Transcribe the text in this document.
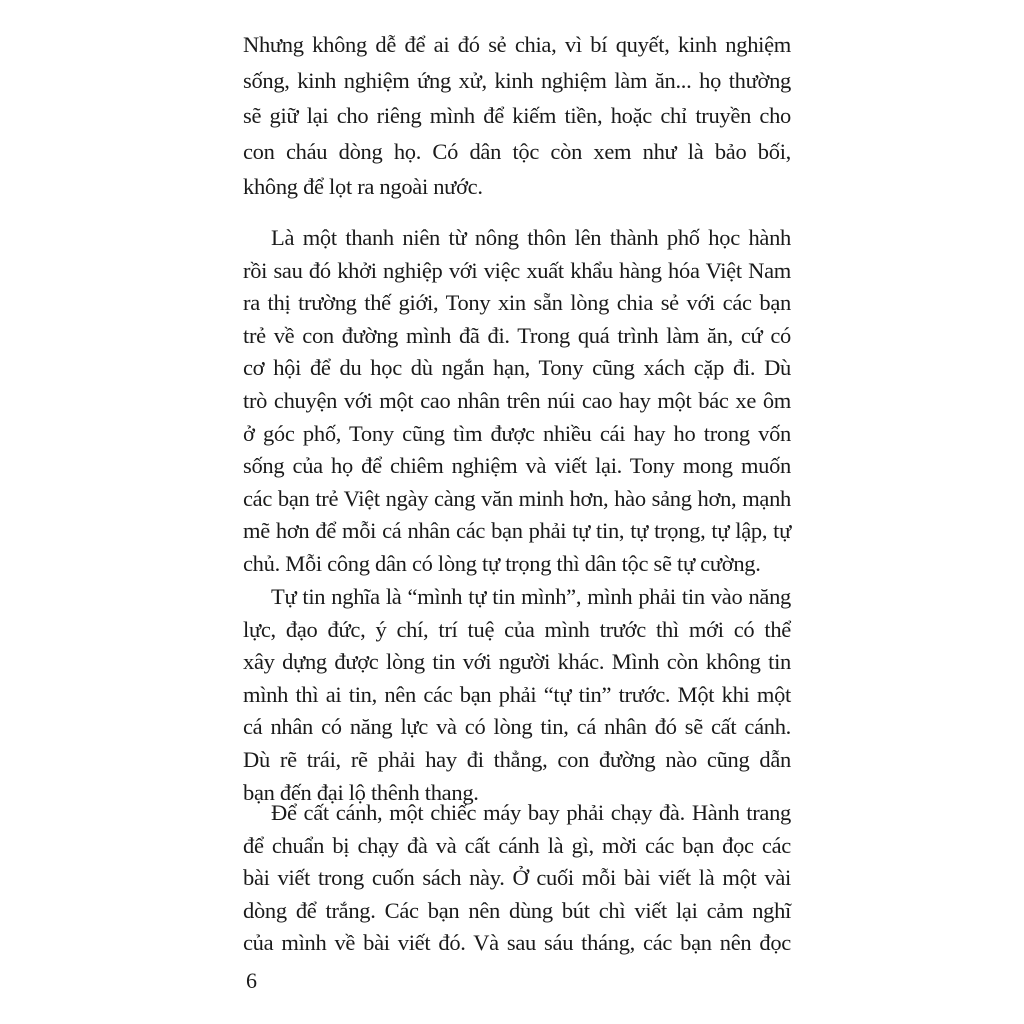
Nhưng không dễ để ai đó sẻ chia, vì bí quyết, kinh nghiệm
sống, kinh nghiệm ứng xử, kinh nghiệm làm ăn... họ thường
sẽ giữ lại cho riêng mình để kiếm tiền, hoặc chỉ truyền cho
con cháu dòng họ. Có dân tộc còn xem như là bảo bối,
không để lọt ra ngoài nước.
Là một thanh niên từ nông thôn lên thành phố học hành
rồi sau đó khởi nghiệp với việc xuất khẩu hàng hóa Việt Nam
ra thị trường thế giới, Tony xin sẵn lòng chia sẻ với các bạn
trẻ về con đường mình đã đi. Trong quá trình làm ăn, cứ có
cơ hội để du học dù ngắn hạn, Tony cũng xách cặp đi. Dù
trò chuyện với một cao nhân trên núi cao hay một bác xe ôm
ở góc phố, Tony cũng tìm được nhiều cái hay ho trong vốn
sống của họ để chiêm nghiệm và viết lại. Tony mong muốn
các bạn trẻ Việt ngày càng văn minh hơn, hào sảng hơn, mạnh
mẽ hơn để mỗi cá nhân các bạn phải tự tin, tự trọng, tự lập, tự
chủ. Mỗi công dân có lòng tự trọng thì dân tộc sẽ tự cường.
Tự tin nghĩa là “mình tự tin mình”, mình phải tin vào năng
lực, đạo đức, ý chí, trí tuệ của mình trước thì mới có thể
xây dựng được lòng tin với người khác. Mình còn không tin
mình thì ai tin, nên các bạn phải “tự tin” trước. Một khi một
cá nhân có năng lực và có lòng tin, cá nhân đó sẽ cất cánh.
Dù rẽ trái, rẽ phải hay đi thẳng, con đường nào cũng dẫn
bạn đến đại lộ thênh thang.
Để cất cánh, một chiếc máy bay phải chạy đà. Hành trang
để chuẩn bị chạy đà và cất cánh là gì, mời các bạn đọc các
bài viết trong cuốn sách này. Ở cuối mỗi bài viết là một vài
dòng để trắng. Các bạn nên dùng bút chì viết lại cảm nghĩ
của mình về bài viết đó. Và sau sáu tháng, các bạn nên đọc
6
